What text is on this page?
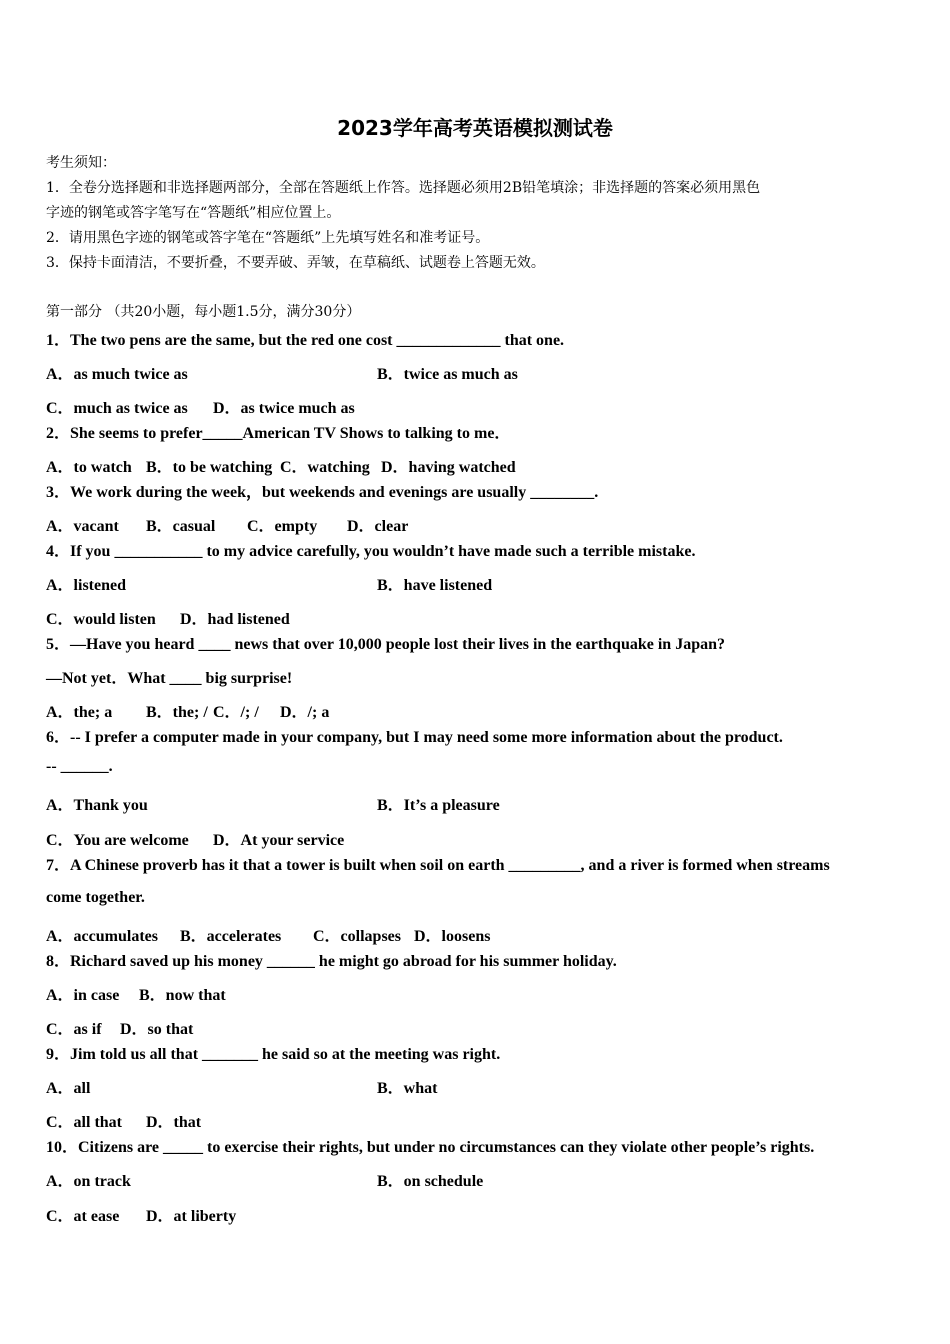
2023学年高考英语模拟测试卷
考生须知：
1．全卷分选择题和非选择题两部分，全部在答题纸上作答。选择题必须用2B铅笔填涂；非选择题的答案必须用黑色
字迹的钢笔或答字笔写在“答题纸”相应位置上。
2．请用黑色字迹的钢笔或答字笔在“答题纸”上先填写姓名和准考证号。
3．保持卡面清洁，不要折叠，不要弄破、弄皱，在草稿纸、试题卷上答题无效。
第一部分 （共20小题，每小题1.5分，满分30分）
1．The two pens are the same, but the red one cost _____________ that one.
A．as much twice as	B．twice as much as
C．much as twice as D．as twice much as
2．She seems to prefer_____American TV Shows to talking to me．
A．to watch B．to be watching C．watching D．having watched
3．We work during the week，but weekends and evenings are usually ________.
A．vacant B．casual C．empty D．clear
4．If you ___________ to my advice carefully, you wouldn’t have made such a terrible mistake.
A．listened	B．have listened
C．would listen D．had listened
5．—Have you heard ____ news that over 10,000 people lost their lives in the earthquake in Japan?
—Not yet．What ____ big surprise!
A．the; a B．the; / C．/; / D．/; a
6．-- I prefer a computer made in your company, but I may need some more information about the product.
-- ______.
A．Thank you	B．It’s a pleasure
C．You are welcome D．At your service
7．A Chinese proverb has it that a tower is built when soil on earth _________, and a river is formed when streams
come together.
A．accumulates B．accelerates C．collapses D．loosens
8．Richard saved up his money ______ he might go abroad for his summer holiday.
A．in case B．now that
C．as if D．so that
9．Jim told us all that _______ he said so at the meeting was right.
A．all	B．what
C．all that D．that
10．Citizens are _____ to exercise their rights, but under no circumstances can they violate other people’s rights.
A．on track	B．on schedule
C．at ease D．at liberty
